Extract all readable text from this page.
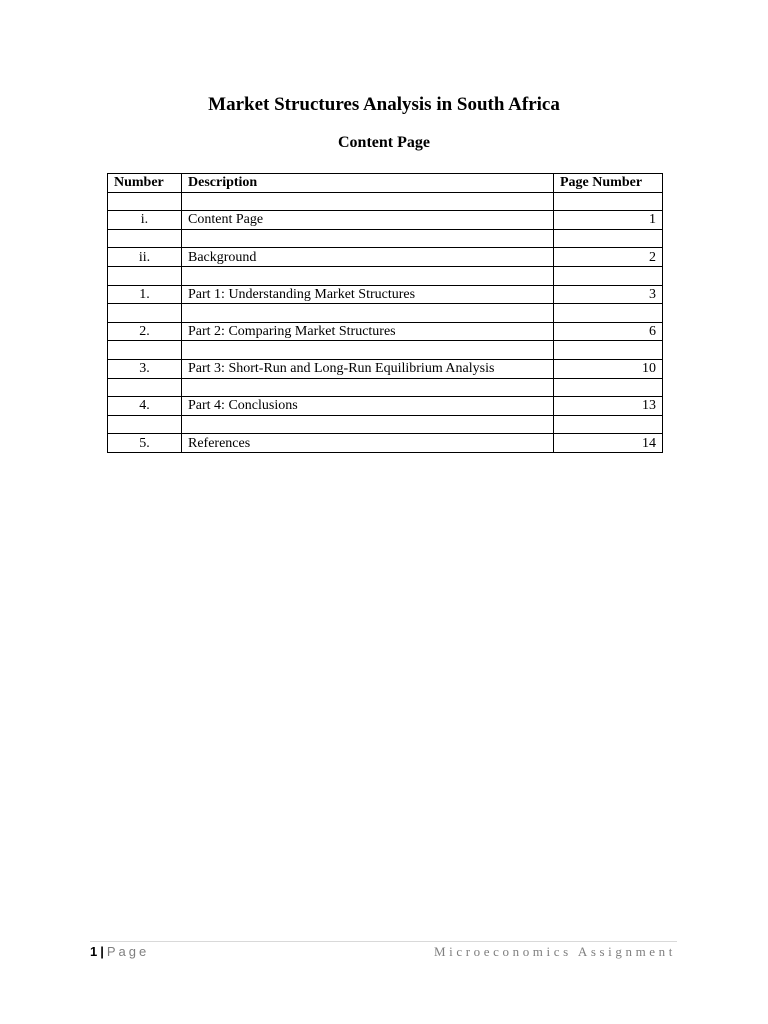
Market Structures Analysis in South Africa
Content Page
Number	Description	Page Number

i.	Content Page	1

ii.	Background	2

1.	Part 1: Understanding Market Structures	3

2.	Part 2: Comparing Market Structures	6

3.	Part 3: Short-Run and Long-Run Equilibrium Analysis	10

4.	Part 4: Conclusions	13

5.	References	14
1 | Page	Microeconomics Assignment
